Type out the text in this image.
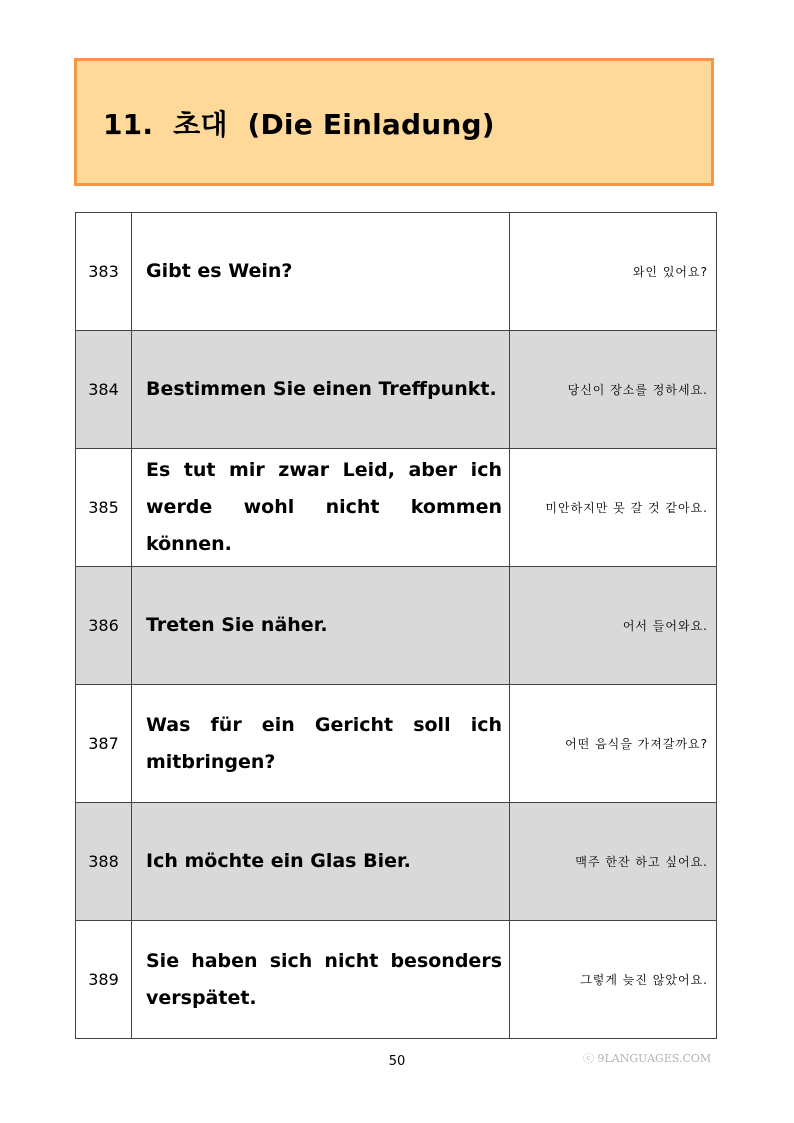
11.  초대  (Die Einladung)
383	Gibt es Wein?	와인 있어요?
384	Bestimmen Sie einen Treffpunkt.	당신이 장소를 정하세요.
385	Es tut mir zwar Leid, aber ich werde wohl nicht kommen können.	미안하지만 못 갈 것 같아요.
386	Treten Sie näher.	어서 들어와요.
387	Was für ein Gericht soll ich mitbringen?	어떤 음식을 가져갈까요?
388	Ich möchte ein Glas Bier.	맥주 한잔 하고 싶어요.
389	Sie haben sich nicht besonders verspätet.	그렇게 늦진 않았어요.
50	ⓒ 9LANGUAGES.COM
